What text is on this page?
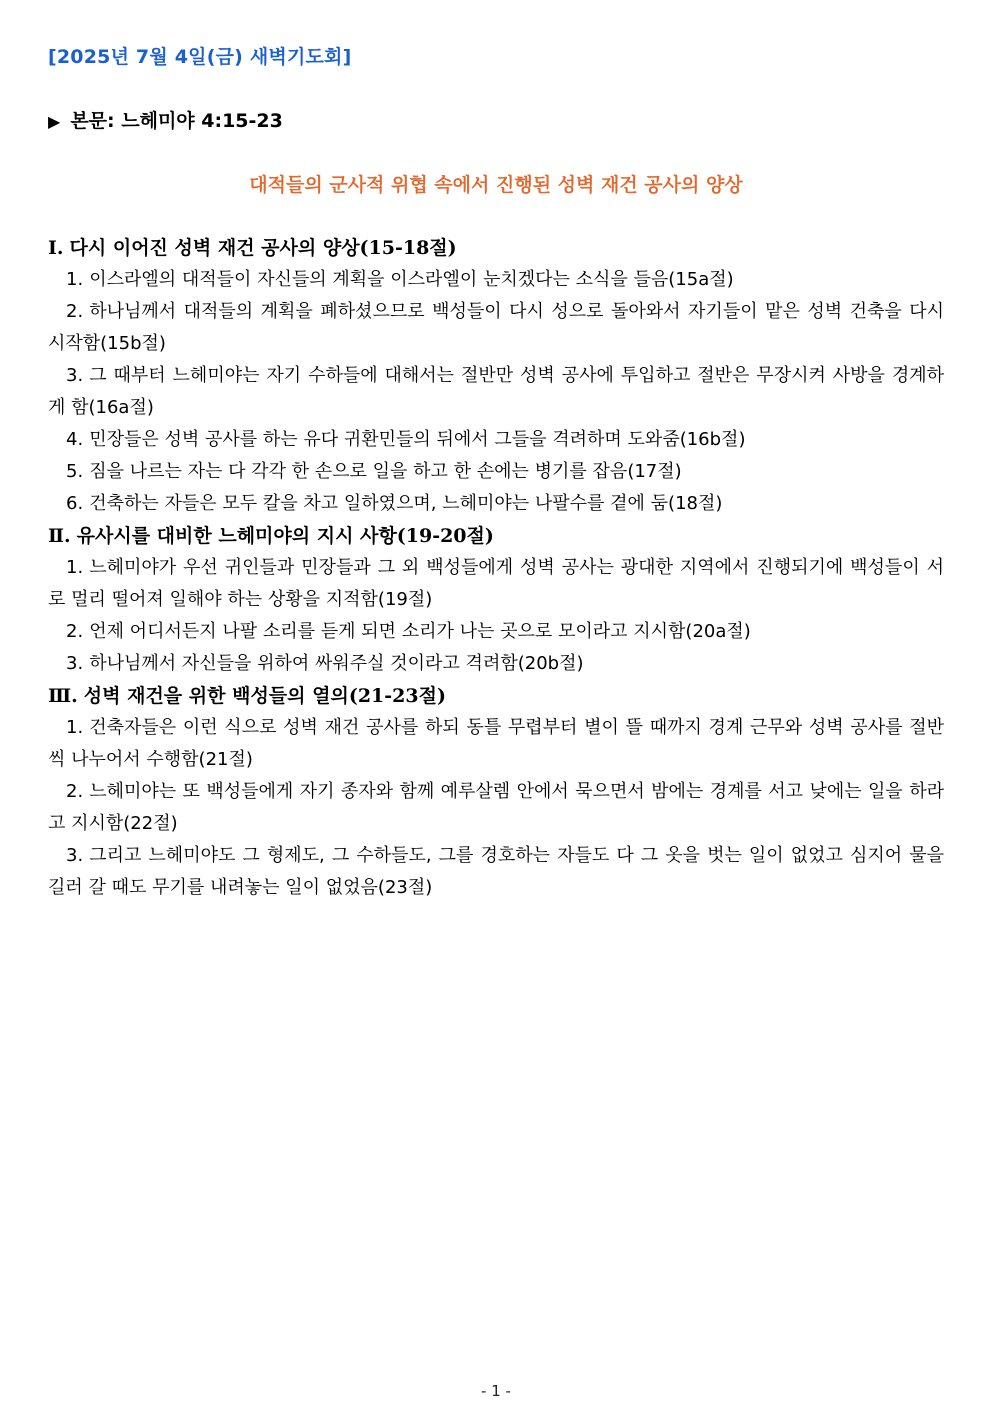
[2025년 7월 4일(금) 새벽기도회]
▶ 본문: 느헤미야 4:15-23
대적들의 군사적 위협 속에서 진행된 성벽 재건 공사의 양상
Ⅰ. 다시 이어진 성벽 재건 공사의 양상(15-18절)
1. 이스라엘의 대적들이 자신들의 계획을 이스라엘이 눈치겠다는 소식을 들음(15a절)
2. 하나님께서 대적들의 계획을 폐하셨으므로 백성들이 다시 성으로 돌아와서 자기들이 맡은 성벽 건축을 다시 시작함(15b절)
3. 그 때부터 느헤미야는 자기 수하들에 대해서는 절반만 성벽 공사에 투입하고 절반은 무장시켜 사방을 경계하게 함(16a절)
4. 민장들은 성벽 공사를 하는 유다 귀환민들의 뒤에서 그들을 격려하며 도와줌(16b절)
5. 짐을 나르는 자는 다 각각 한 손으로 일을 하고 한 손에는 병기를 잡음(17절)
6. 건축하는 자들은 모두 칼을 차고 일하였으며, 느헤미야는 나팔수를 곁에 둠(18절)
Ⅱ. 유사시를 대비한 느헤미야의 지시 사항(19-20절)
1. 느헤미야가 우선 귀인들과 민장들과 그 외 백성들에게 성벽 공사는 광대한 지역에서 진행되기에 백성들이 서로 멀리 떨어져 일해야 하는 상황을 지적함(19절)
2. 언제 어디서든지 나팔 소리를 듣게 되면 소리가 나는 곳으로 모이라고 지시함(20a절)
3. 하나님께서 자신들을 위하여 싸워주실 것이라고 격려함(20b절)
Ⅲ. 성벽 재건을 위한 백성들의 열의(21-23절)
1. 건축자들은 이런 식으로 성벽 재건 공사를 하되 동틀 무렵부터 별이 뜰 때까지 경계 근무와 성벽 공사를 절반씩 나누어서 수행함(21절)
2. 느헤미야는 또 백성들에게 자기 종자와 함께 예루살렘 안에서 묵으면서 밤에는 경계를 서고 낮에는 일을 하라고 지시함(22절)
3. 그리고 느헤미야도 그 형제도, 그 수하들도, 그를 경호하는 자들도 다 그 옷을 벗는 일이 없었고 심지어 물을 길러 갈 때도 무기를 내려놓는 일이 없었음(23절)
- 1 -
